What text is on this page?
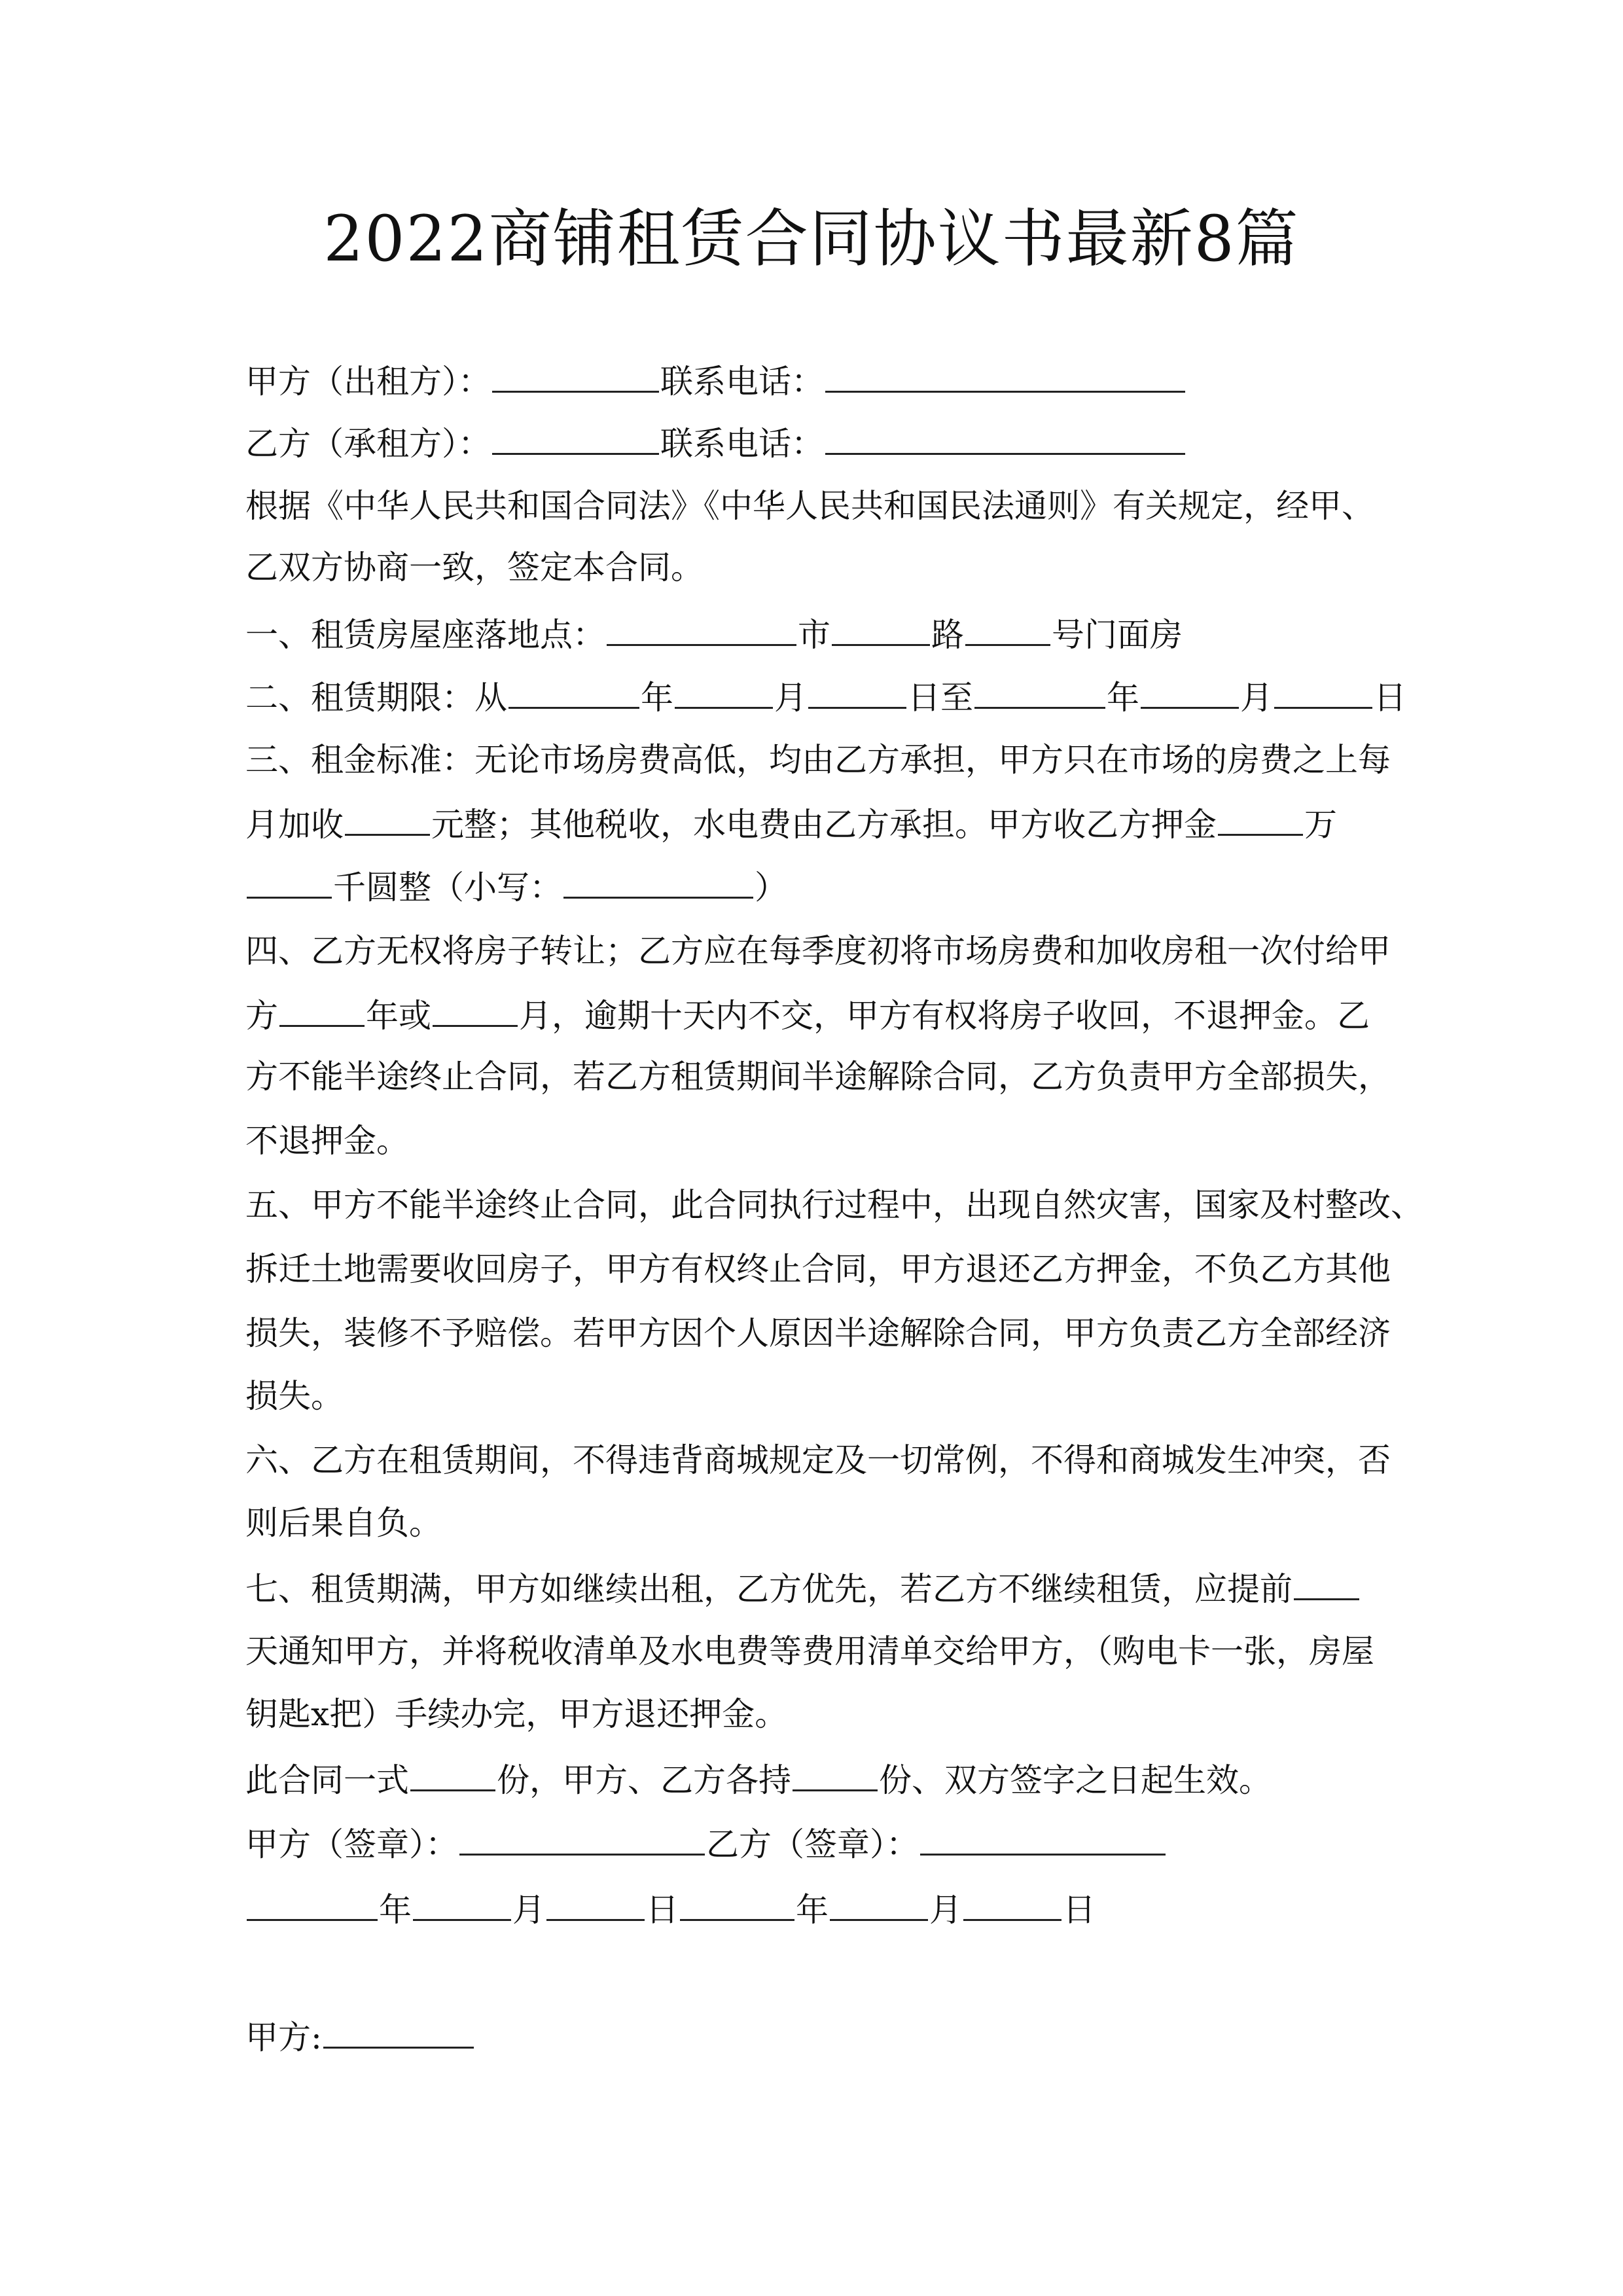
2022商铺租赁合同协议书最新8篇
甲方（出租方）：	联系电话：
乙方（承租方）：	联系电话：
根据《中华人民共和国合同法》《中华人民共和国民法通则》有关规定，经甲、
乙双方协商一致，签定本合同。
一、租赁房屋座落地点：	市	路	号门面房
二、租赁期限：从	年	月	日至	年	月	日
三、租金标准：无论市场房费高低，均由乙方承担，甲方只在市场的房费之上每
月加收	元整；其他税收，水电费由乙方承担。甲方收乙方押金	万
千圆整（小写：	）
四、乙方无权将房子转让；乙方应在每季度初将市场房费和加收房租一次付给甲
方	年或	月，逾期十天内不交，甲方有权将房子收回，不退押金。乙
方不能半途终止合同，若乙方租赁期间半途解除合同，乙方负责甲方全部损失，
不退押金。
五、甲方不能半途终止合同，此合同执行过程中，出现自然灾害，国家及村整改、
拆迁土地需要收回房子，甲方有权终止合同，甲方退还乙方押金，不负乙方其他
损失，装修不予赔偿。若甲方因个人原因半途解除合同，甲方负责乙方全部经济
损失。
六、乙方在租赁期间，不得违背商城规定及一切常例，不得和商城发生冲突，否
则后果自负。
七、租赁期满，甲方如继续出租，乙方优先，若乙方不继续租赁，应提前
天通知甲方，并将税收清单及水电费等费用清单交给甲方，（购电卡一张，房屋
钥匙x把）手续办完，甲方退还押金。
此合同一式	份，甲方、乙方各持	份、双方签字之日起生效。
甲方（签章）：	乙方（签章）：
年	月	日	年	月	日
甲方:
